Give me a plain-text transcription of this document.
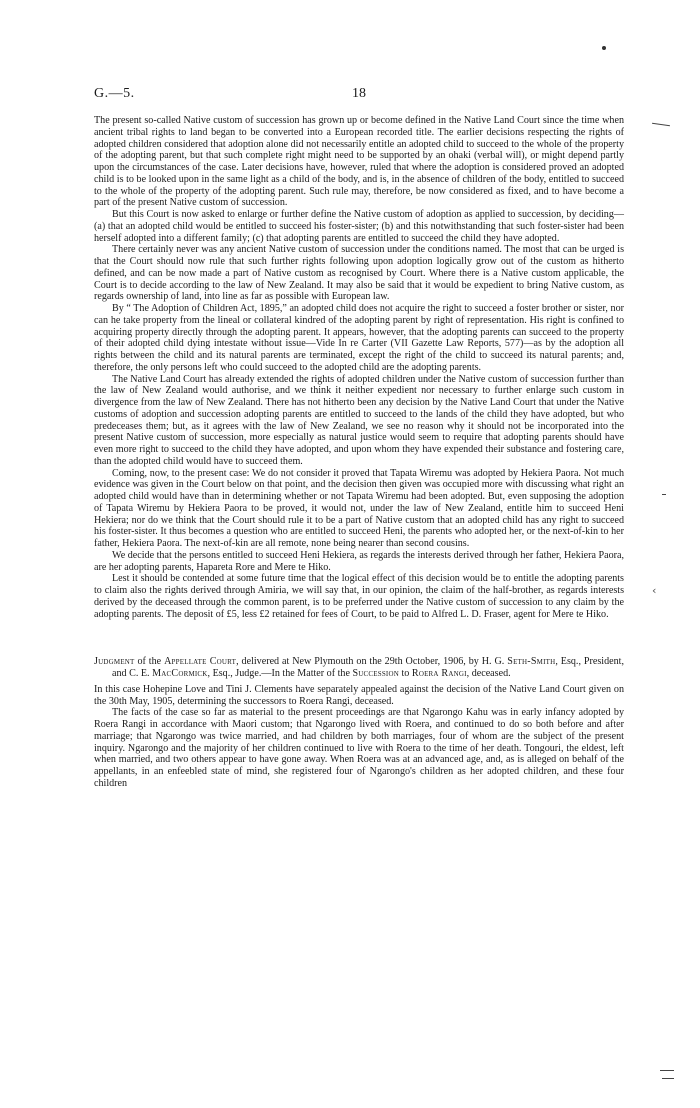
G.—5.	18

The present so-called Native custom of succession has grown up or become defined in the Native Land Court since the time when ancient tribal rights to land began to be converted into a European recorded title. The earlier decisions respecting the rights of adopted children considered that adoption alone did not necessarily entitle an adopted child to succeed to the whole of the property of the adopting parent, but that such complete right might need to be supported by an ohaki (verbal will), or might depend partly upon the circumstances of the case. Later decisions have, however, ruled that where the adoption is considered proved an adopted child is to be looked upon in the same light as a child of the body, and is, in the absence of children of the body, entitled to succeed to the whole of the property of the adopting parent. Such rule may, therefore, be now considered as fixed, and to have become a part of the present Native custom of succession.

But this Court is now asked to enlarge or further define the Native custom of adoption as applied to succession, by deciding—(a) that an adopted child would be entitled to succeed his foster-sister; (b) and this notwithstanding that such foster-sister had been herself adopted into a different family; (c) that adopting parents are entitled to succeed the child they have adopted.

There certainly never was any ancient Native custom of succession under the conditions named. The most that can be urged is that the Court should now rule that such further rights following upon adoption logically grow out of the custom as hitherto defined, and can be now made a part of Native custom as recognised by Court. Where there is a Native custom applicable, the Court is to decide according to the law of New Zealand. It may also be said that it would be expedient to bring Native custom, as regards ownership of land, into line as far as possible with European law.

By “ The Adoption of Children Act, 1895,” an adopted child does not acquire the right to succeed a foster brother or sister, nor can he take property from the lineal or collateral kindred of the adopting parent by right of representation. His right is confined to acquiring property directly through the adopting parent. It appears, however, that the adopting parents can succeed to the property of their adopted child dying intestate without issue—Vide In re Carter (VII Gazette Law Reports, 577)—as by the adoption all rights between the child and its natural parents are terminated, except the right of the child to succeed its natural parents; and, therefore, the only persons left who could succeed to the adopted child are the adopting parents.

The Native Land Court has already extended the rights of adopted children under the Native custom of succession further than the law of New Zealand would authorise, and we think it neither expedient nor necessary to further enlarge such custom in divergence from the law of New Zealand. There has not hitherto been any decision by the Native Land Court that under the Native customs of adoption and succession adopting parents are entitled to succeed to the lands of the child they have adopted, but who predeceases them; but, as it agrees with the law of New Zealand, we see no reason why it should not be incorporated into the present Native custom of succession, more especially as natural justice would seem to require that adopting parents should have even more right to succeed to the child they have adopted, and upon whom they have expended their substance and fostering care, than the adopted child would have to succeed them.

Coming, now, to the present case: We do not consider it proved that Tapata Wiremu was adopted by Hekiera Paora. Not much evidence was given in the Court below on that point, and the decision then given was occupied more with discussing what right an adopted child would have than in determining whether or not Tapata Wiremu had been adopted. But, even supposing the adoption of Tapata Wiremu by Hekiera Paora to be proved, it would not, under the law of New Zealand, entitle him to succeed Heni Hekiera; nor do we think that the Court should rule it to be a part of Native custom that an adopted child has any right to succeed his foster-sister. It thus becomes a question who are entitled to succeed Heni, the parents who adopted her, or the next-of-kin to her father, Hekiera Paora. The next-of-kin are all remote, none being nearer than second cousins.

We decide that the persons entitled to succeed Heni Hekiera, as regards the interests derived through her father, Hekiera Paora, are her adopting parents, Hapareta Rore and Mere te Hiko.

Lest it should be contended at some future time that the logical effect of this decision would be to entitle the adopting parents to claim also the rights derived through Amiria, we will say that, in our opinion, the claim of the half-brother, as regards interests derived by the deceased through the common parent, is to be preferred under the Native custom of succession to any claim by the adopting parents. The deposit of £5, less £2 retained for fees of Court, to be paid to Alfred L. D. Fraser, agent for Mere te Hiko.

Judgment of the Appellate Court, delivered at New Plymouth on the 29th October, 1906, by H. G. Seth-Smith, Esq., President, and C. E. MacCormick, Esq., Judge.—In the Matter of the Succession to Roera Rangi, deceased.

In this case Hohepine Love and Tini J. Clements have separately appealed against the decision of the Native Land Court given on the 30th May, 1905, determining the successors to Roera Rangi, deceased.

The facts of the case so far as material to the present proceedings are that Ngarongo Kahu was in early infancy adopted by Roera Rangi in accordance with Maori custom; that Ngarongo lived with Roera, and continued to do so both before and after marriage; that Ngarongo was twice married, and had children by both marriages, four of whom are the subject of the present inquiry. Ngarongo and the majority of her children continued to live with Roera to the time of her death. Tongouri, the eldest, left when married, and two others appear to have gone away. When Roera was at an advanced age, and, as is alleged on behalf of the appellants, in an enfeebled state of mind, she registered four of Ngarongo's children as her adopted children, and these four children

‹
